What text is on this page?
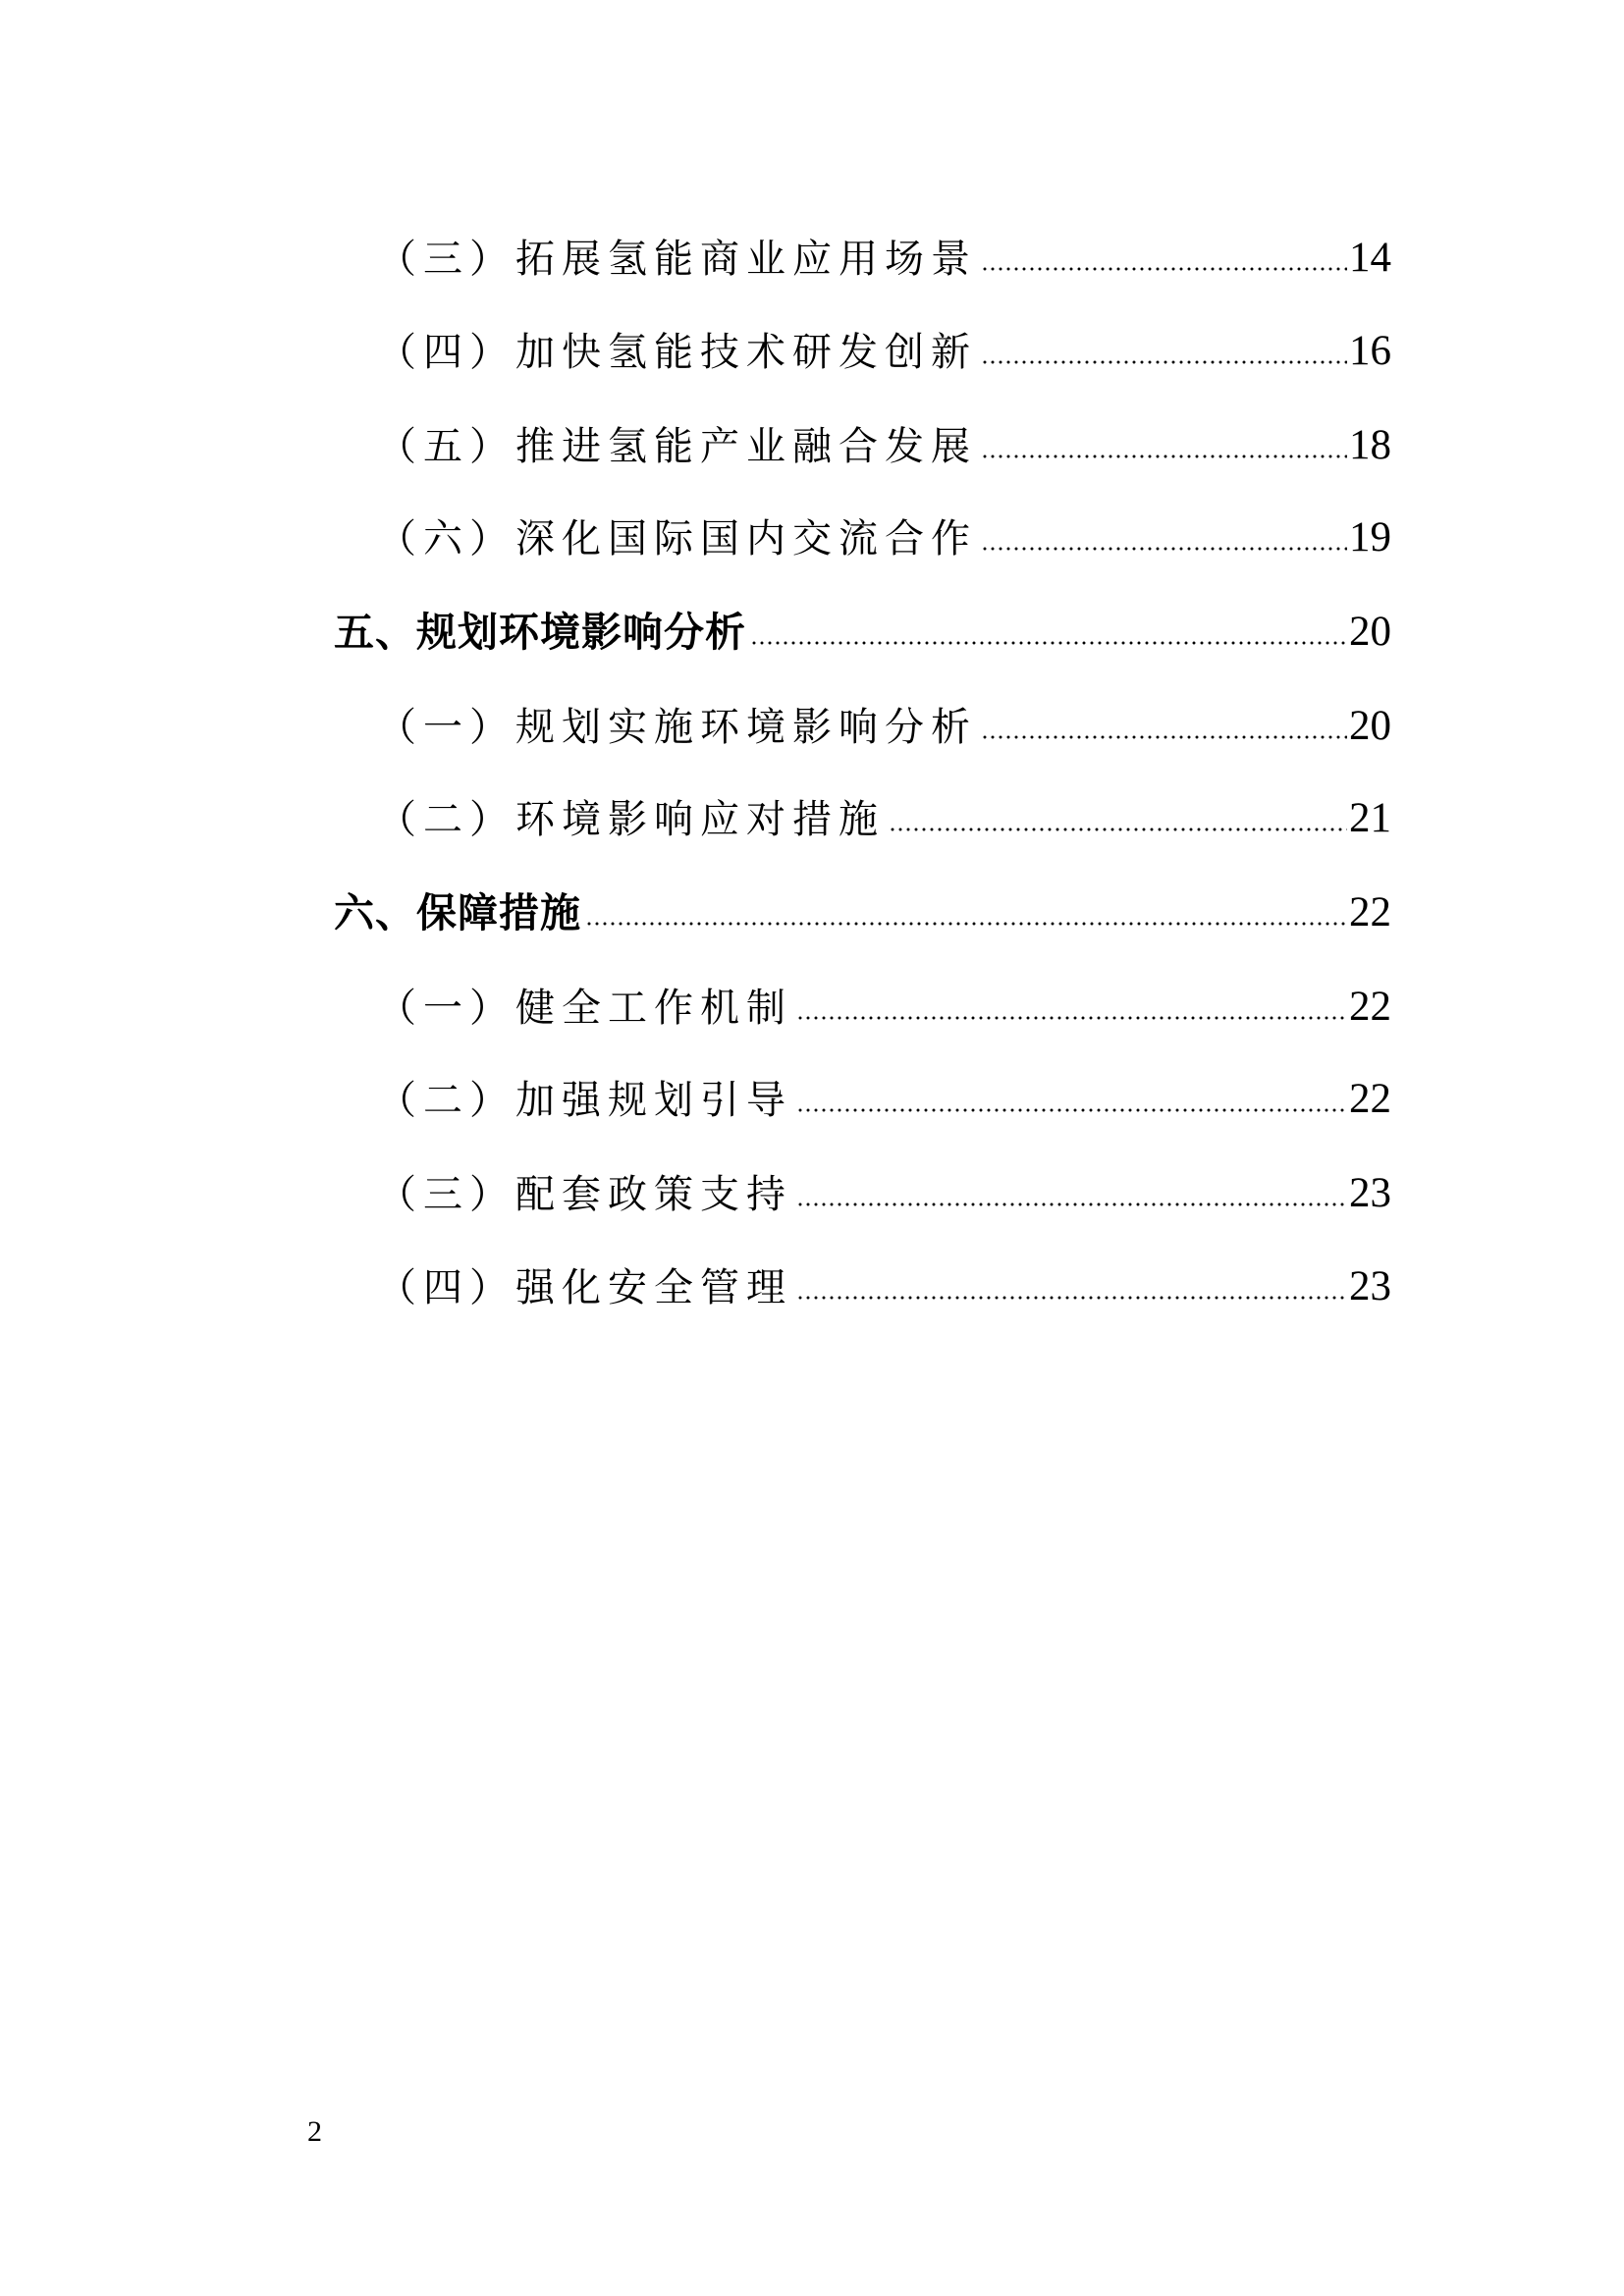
（三）拓展氢能商业应用场景	14
（四）加快氢能技术研发创新	16
（五）推进氢能产业融合发展	18
（六）深化国际国内交流合作	19
五、规划环境影响分析	20
（一）规划实施环境影响分析	20
（二）环境影响应对措施	21
六、保障措施	22
（一）健全工作机制	22
（二）加强规划引导	22
（三）配套政策支持	23
（四）强化安全管理	23
2
